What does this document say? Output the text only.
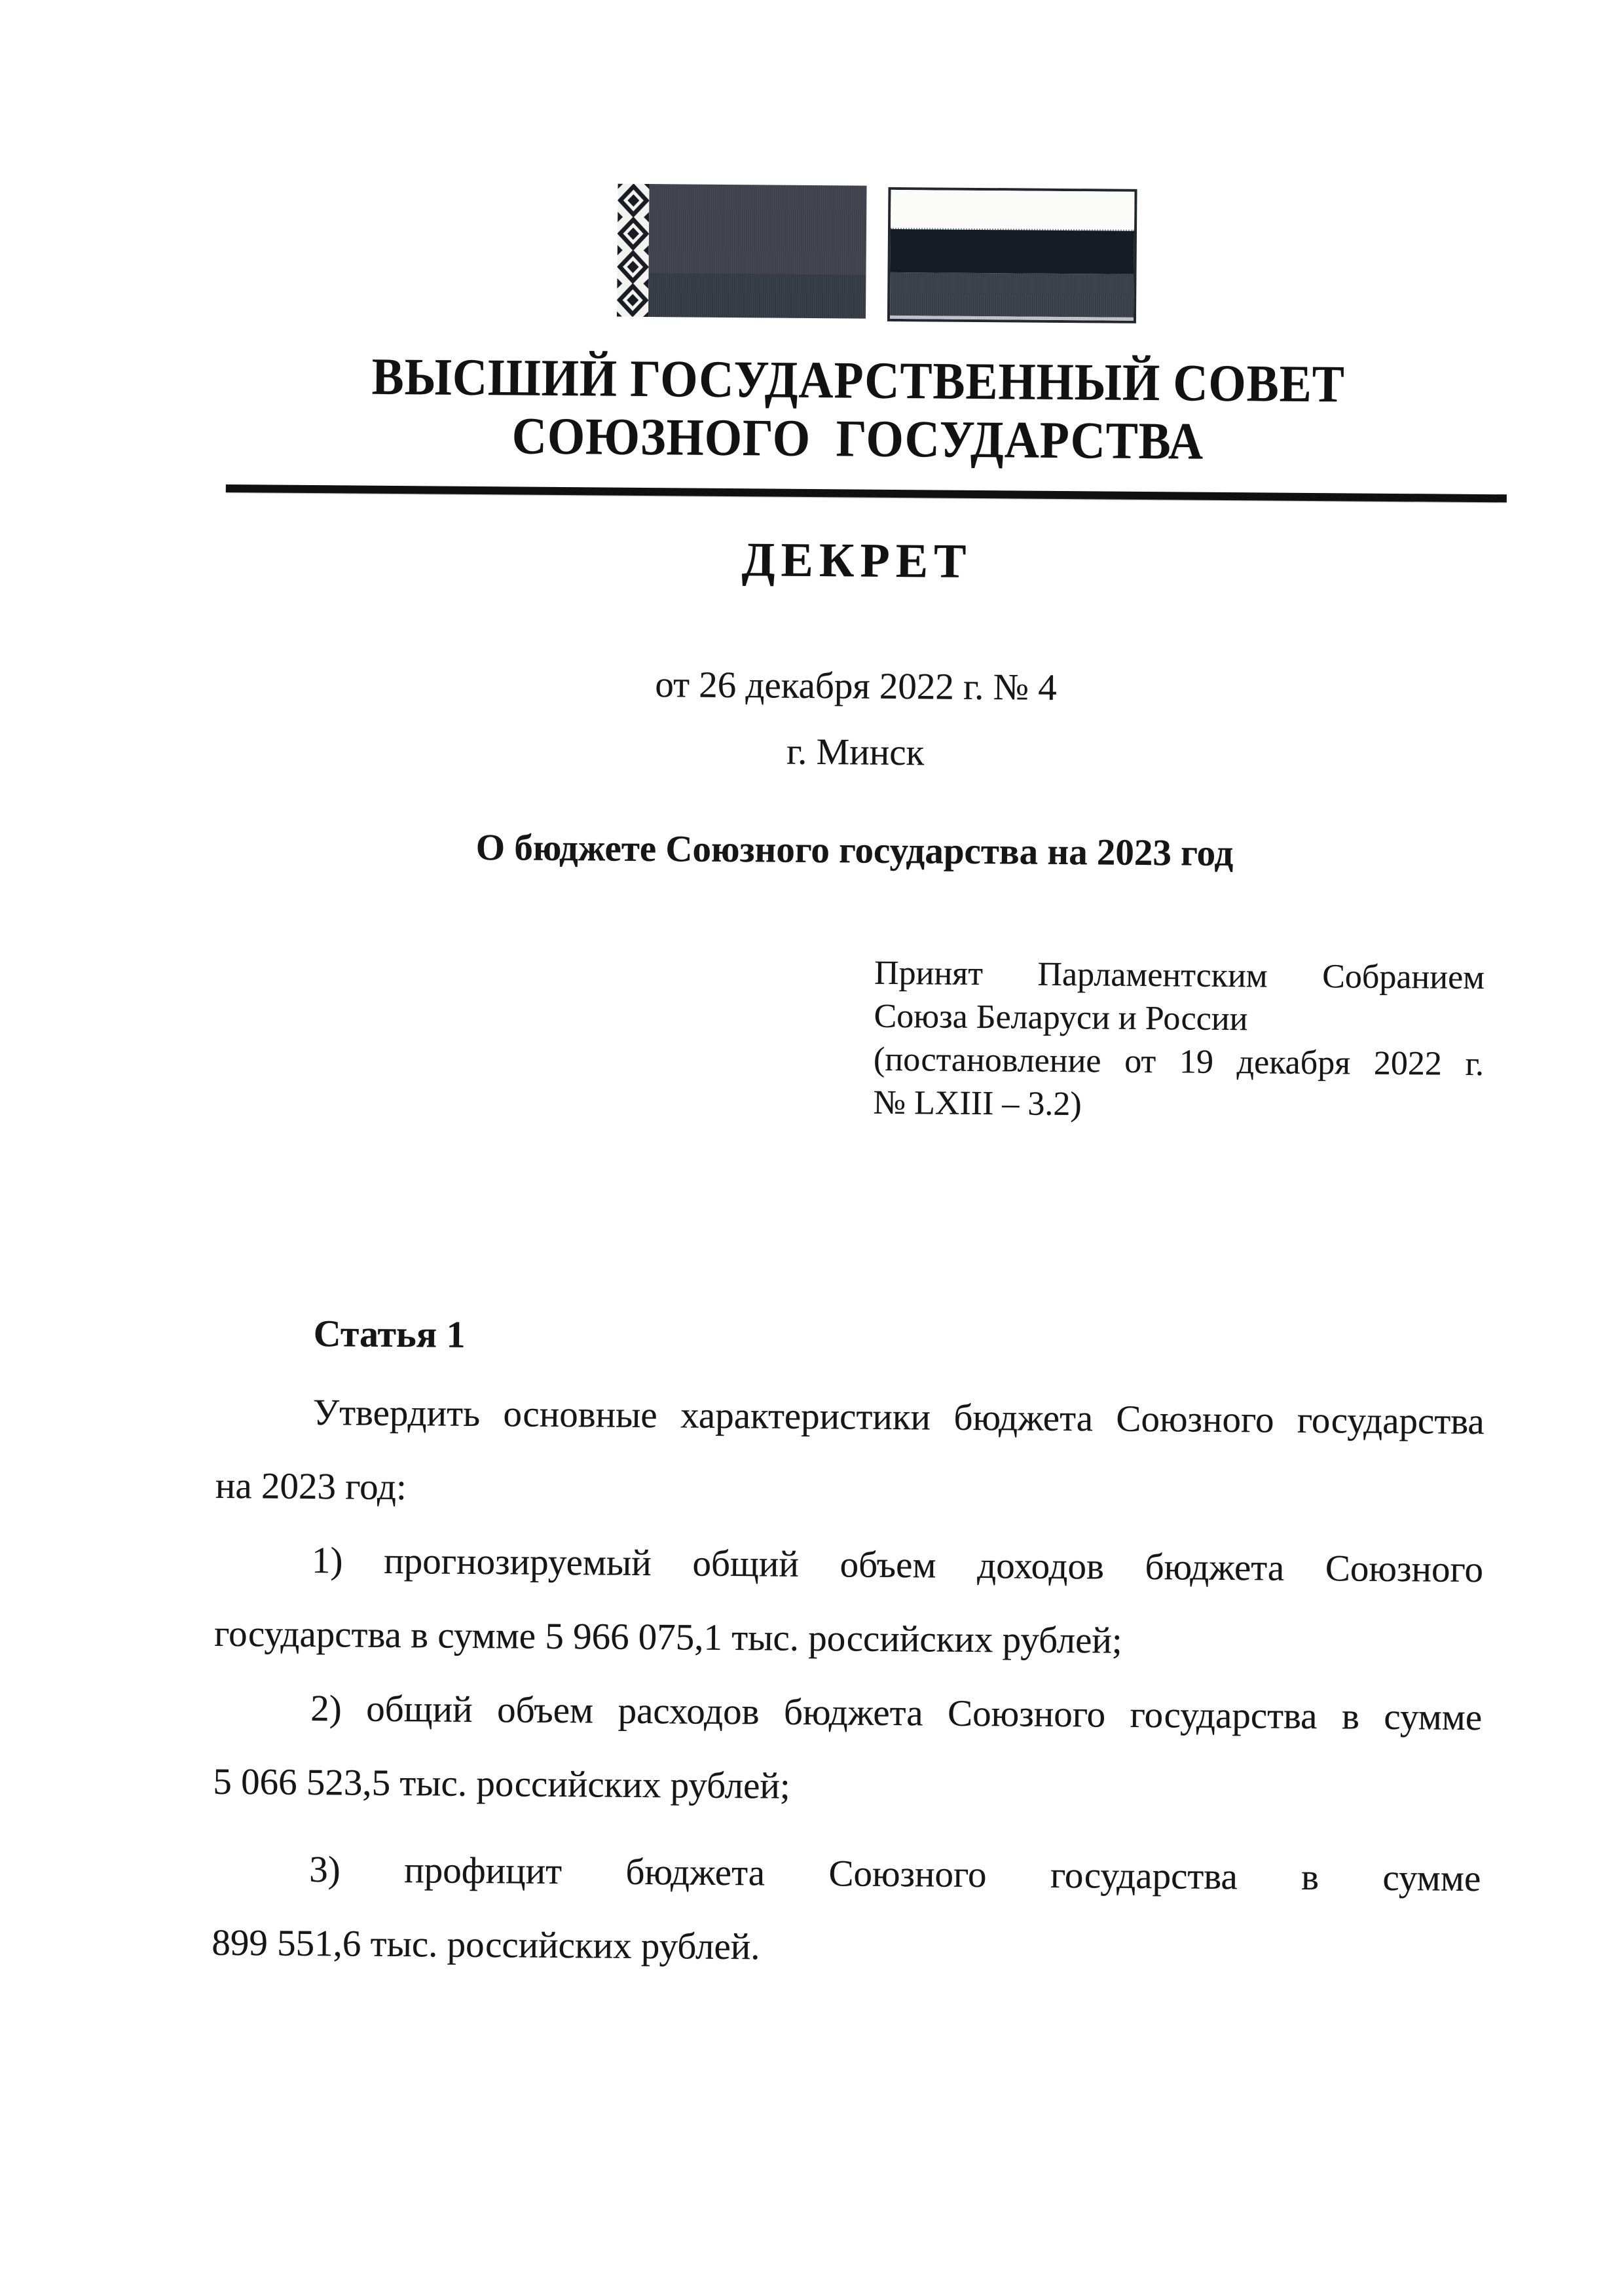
ВЫСШИЙ ГОСУДАРСТВЕННЫЙ СОВЕТ
СОЮЗНОГО  ГОСУДАРСТВА
ДЕКРЕТ
от 26 декабря 2022 г. № 4
г. Минск
О бюджете Союзного государства на 2023 год
Принят Парламентским Собранием
Союза Беларуси и России
(постановление от 19 декабря 2022 г.
№ LXIII – 3.2)
Статья 1
Утвердить основные характеристики бюджета Союзного государства
на 2023 год:
1) прогнозируемый общий объем доходов бюджета Союзного
государства в сумме 5 966 075,1 тыс. российских рублей;
2) общий объем расходов бюджета Союзного государства в сумме
5 066 523,5 тыс. российских рублей;
3) профицит бюджета Союзного государства в сумме
899 551,6 тыс. российских рублей.
